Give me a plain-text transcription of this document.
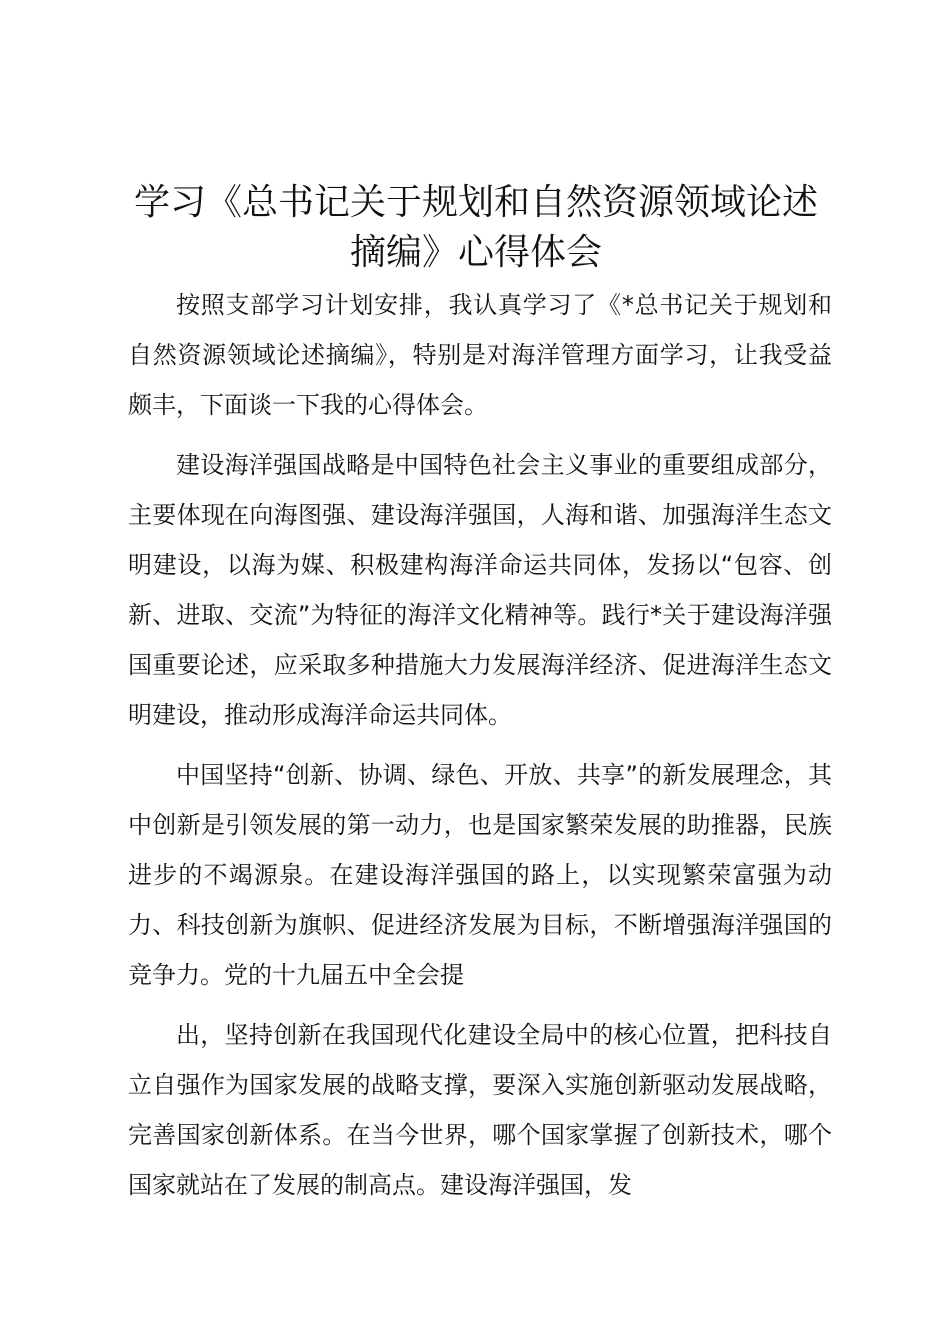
学习《总书记关于规划和自然资源领域论述摘编》心得体会

按照支部学习计划安排，我认真学习了《*总书记关于规划和自然资源领域论述摘编》，特别是对海洋管理方面学习，让我受益颇丰，下面谈一下我的心得体会。

建设海洋强国战略是中国特色社会主义事业的重要组成部分，主要体现在向海图强、建设海洋强国，人海和谐、加强海洋生态文明建设，以海为媒、积极建构海洋命运共同体，发扬以“包容、创新、进取、交流”为特征的海洋文化精神等。践行*关于建设海洋强国重要论述，应采取多种措施大力发展海洋经济、促进海洋生态文明建设，推动形成海洋命运共同体。

中国坚持“创新、协调、绿色、开放、共享”的新发展理念，其中创新是引领发展的第一动力，也是国家繁荣发展的助推器，民族进步的不竭源泉。在建设海洋强国的路上，以实现繁荣富强为动力、科技创新为旗帜、促进经济发展为目标，不断增强海洋强国的竞争力。党的十九届五中全会提

出，坚持创新在我国现代化建设全局中的核心位置，把科技自立自强作为国家发展的战略支撑，要深入实施创新驱动发展战略，完善国家创新体系。在当今世界，哪个国家掌握了创新技术，哪个国家就站在了发展的制高点。建设海洋强国，发
